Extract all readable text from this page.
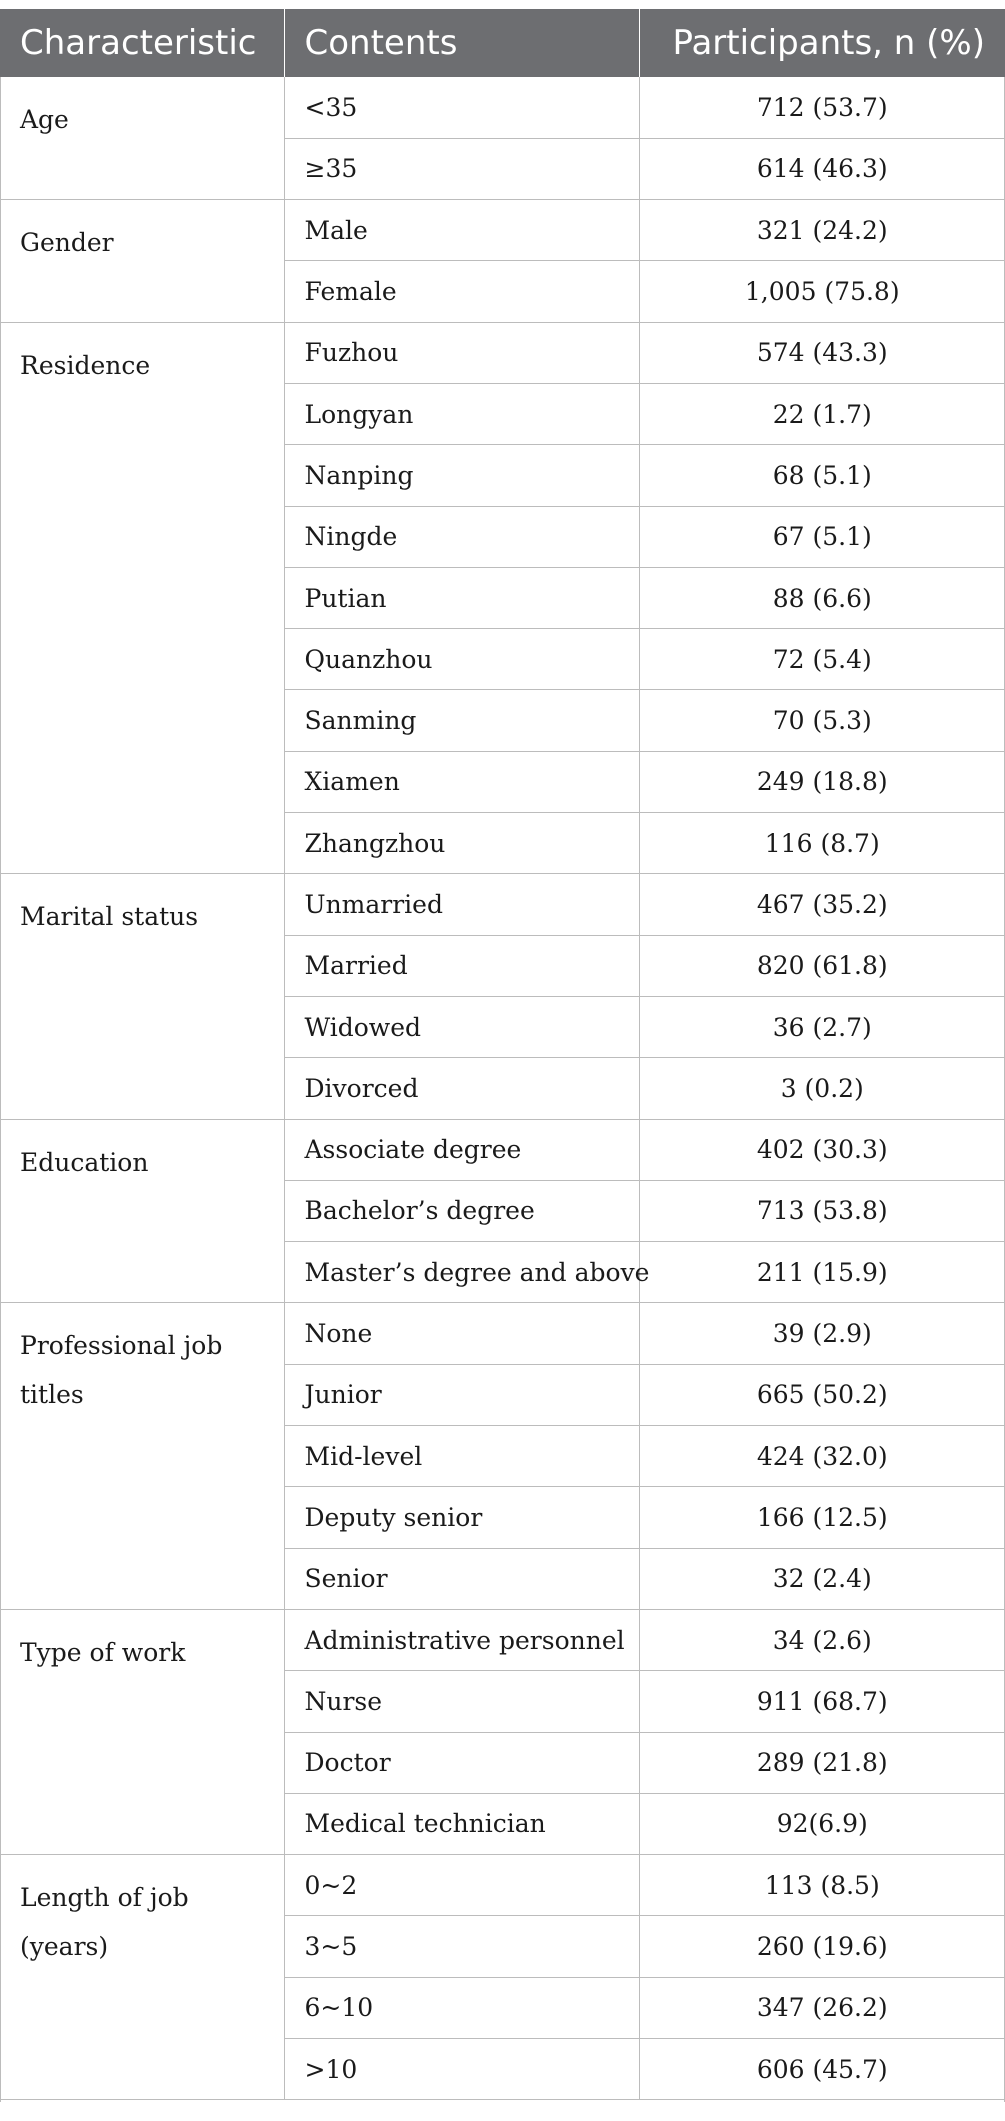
Characteristic	Contents	Participants, n (%)
Age	<35	712 (53.7)
	≥35	614 (46.3)
Gender	Male	321 (24.2)
	Female	1,005 (75.8)
Residence	Fuzhou	574 (43.3)
	Longyan	22 (1.7)
	Nanping	68 (5.1)
	Ningde	67 (5.1)
	Putian	88 (6.6)
	Quanzhou	72 (5.4)
	Sanming	70 (5.3)
	Xiamen	249 (18.8)
	Zhangzhou	116 (8.7)
Marital status	Unmarried	467 (35.2)
	Married	820 (61.8)
	Widowed	36 (2.7)
	Divorced	3 (0.2)
Education	Associate degree	402 (30.3)
	Bachelor’s degree	713 (53.8)
	Master’s degree and above	211 (15.9)
Professional job titles	None	39 (2.9)
	Junior	665 (50.2)
	Mid-level	424 (32.0)
	Deputy senior	166 (12.5)
	Senior	32 (2.4)
Type of work	Administrative personnel	34 (2.6)
	Nurse	911 (68.7)
	Doctor	289 (21.8)
	Medical technician	92(6.9)
Length of job (years)	0~2	113 (8.5)
	3~5	260 (19.6)
	6~10	347 (26.2)
	>10	606 (45.7)
